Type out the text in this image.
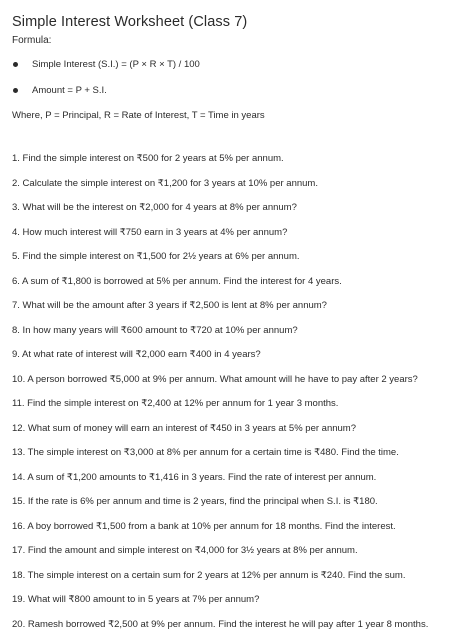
Simple Interest Worksheet (Class 7)

Formula:

Simple Interest (S.I.) = (P × R × T) / 100
Amount = P + S.I.

Where, P = Principal, R = Rate of Interest, T = Time in years

1. Find the simple interest on ₹500 for 2 years at 5% per annum.
2. Calculate the simple interest on ₹1,200 for 3 years at 10% per annum.
3. What will be the interest on ₹2,000 for 4 years at 8% per annum?
4. How much interest will ₹750 earn in 3 years at 4% per annum?
5. Find the simple interest on ₹1,500 for 2½ years at 6% per annum.
6. A sum of ₹1,800 is borrowed at 5% per annum. Find the interest for 4 years.
7. What will be the amount after 3 years if ₹2,500 is lent at 8% per annum?
8. In how many years will ₹600 amount to ₹720 at 10% per annum?
9. At what rate of interest will ₹2,000 earn ₹400 in 4 years?
10. A person borrowed ₹5,000 at 9% per annum. What amount will he have to pay after 2 years?
11. Find the simple interest on ₹2,400 at 12% per annum for 1 year 3 months.
12. What sum of money will earn an interest of ₹450 in 3 years at 5% per annum?
13. The simple interest on ₹3,000 at 8% per annum for a certain time is ₹480. Find the time.
14. A sum of ₹1,200 amounts to ₹1,416 in 3 years. Find the rate of interest per annum.
15. If the rate is 6% per annum and time is 2 years, find the principal when S.I. is ₹180.
16. A boy borrowed ₹1,500 from a bank at 10% per annum for 18 months. Find the interest.
17. Find the amount and simple interest on ₹4,000 for 3½ years at 8% per annum.
18. The simple interest on a certain sum for 2 years at 12% per annum is ₹240. Find the sum.
19. What will ₹800 amount to in 5 years at 7% per annum?
20. Ramesh borrowed ₹2,500 at 9% per annum. Find the interest he will pay after 1 year 8 months.
